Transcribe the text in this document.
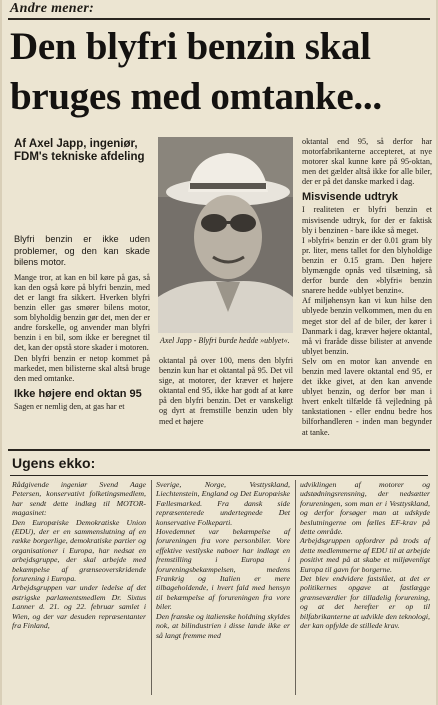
Andre mener:
Den blyfri benzin skal bruges med omtanke...
Af Axel Japp, ingeniør, FDM's tekniske afdeling

Blyfri benzin er ikke uden problemer, og den kan skade bilens motor.

Mange tror, at kan en bil køre på gas, så kan den også køre på blyfri benzin, med det er langt fra sikkert. Hverken blyfri benzin eller gas smører bilens motor, som blyholdig benzin gør det, men der er andre forskelle, og anvender man blyfri benzin i en bil, som ikke er beregnet til det, kan der opstå store skader i motoren.

Den blyfri benzin er netop kommet på markedet, men bilisterne skal altså bruge den med omtanke.

Ikke højere end oktan 95

Sagen er nemlig den, at gas har et

Axel Japp - Blyfri burde hedde »ublyet«.

oktantal på over 100, mens den blyfri benzin kun har et oktantal på 95. Det vil sige, at motorer, der kræver et højere oktantal end 95, ikke har godt af at køre på den blyfri benzin. Det er vanskeligt og dyrt at fremstille benzin uden bly med et højere

oktantal end 95, så derfor har motorfabrikanterne accepteret, at nye motorer skal kunne køre på 95-oktan, men det gælder altså ikke for alle biler, der er på det danske marked i dag.

Misvisende udtryk

I realiteten er blyfri benzin et misvisende udtryk, for der er faktisk bly i benzinen - bare ikke så meget.

I »blyfri« benzin er der 0.01 gram bly pr. liter, mens tallet for den blyholdige benzin er 0.15 gram. Den højere blymængde opnås ved tilsætning, så derfor burde den »blyfri« benzin snarere hedde »ublyet benzin«.

Af miljøhensyn kan vi kun hilse den ublyede benzin velkommen, men du en meget stor del af de biler, der kører i Danmark i dag, kræver højere oktantal, må vi fraråde disse bilister at anvende ublyet benzin.

Selv om en motor kan anvende en benzin med lavere oktantal end 95, er det ikke givet, at den kan anvende ublyet benzin, og derfor bør man i hvert enkelt tilfælde få vejledning på tankstationen - eller endnu bedre hos bilforhandleren - inden man begynder at tanke.

Ugens ekko:

Rådgivende ingeniør Svend Aage Petersen, konservativt folketingsmedlem, har sendt dette indlæg til MOTOR-magasinet:

Den Europæiske Demokratiske Union (EDU), der er en sammenslutning af en række borgerlige, demokratiske partier og organisationer i Europa, har nedsat en arbejdsgruppe, der skal arbejde med bekæmpelse af grænseoverskridende forurening i Europa.

Arbejdsgruppen var under ledelse af det østrigske parlamentsmedlem Dr. Sixtus Lanner d. 21. og 22. februar samlet i Wien, og der var desuden repræsentanter fra Finland,

Sverige, Norge, Vesttyskland, Liechtenstein, England og Det Europæiske Fællesmarked. Fra dansk side repræsenterede undertegnede Det konservative Folkeparti.

Hovedemnet var bekæmpelse af forureningen fra vore personbiler. Vore effektive vestlyske naboer har indlagt en fremstilling i Europa i forureningsbekæmpelsen, medens Frankrig og Italien er mere tilbageholdende, i hvert fald med hensyn til bekæmpelse af forureningen fra vore biler.

Den franske og italienske holdning skyldes nok, at bilindustrien i disse lande ikke er så langt fremme med

udviklingen af motorer og udstødningsrensning, der nedsætter forureningen, som man er i Vesttyskland, og derfor forsøger man at udskyde beslutningerne om fælles EF-krav på dette område.

Arbejdsgruppen opfordrer på trods af dette medlemmerne af EDU til at arbejde positivt med på at skabe et miljøvenligt Europa til gavn for borgerne.

Det blev endvidere fastslået, at det er politikernes opgave at fastlægge grænseværdier for tilladelig forurening, og at det herefter er op til bilfabrikanterne at udvikle den teknologi, der kan opfylde de stillede krav.
